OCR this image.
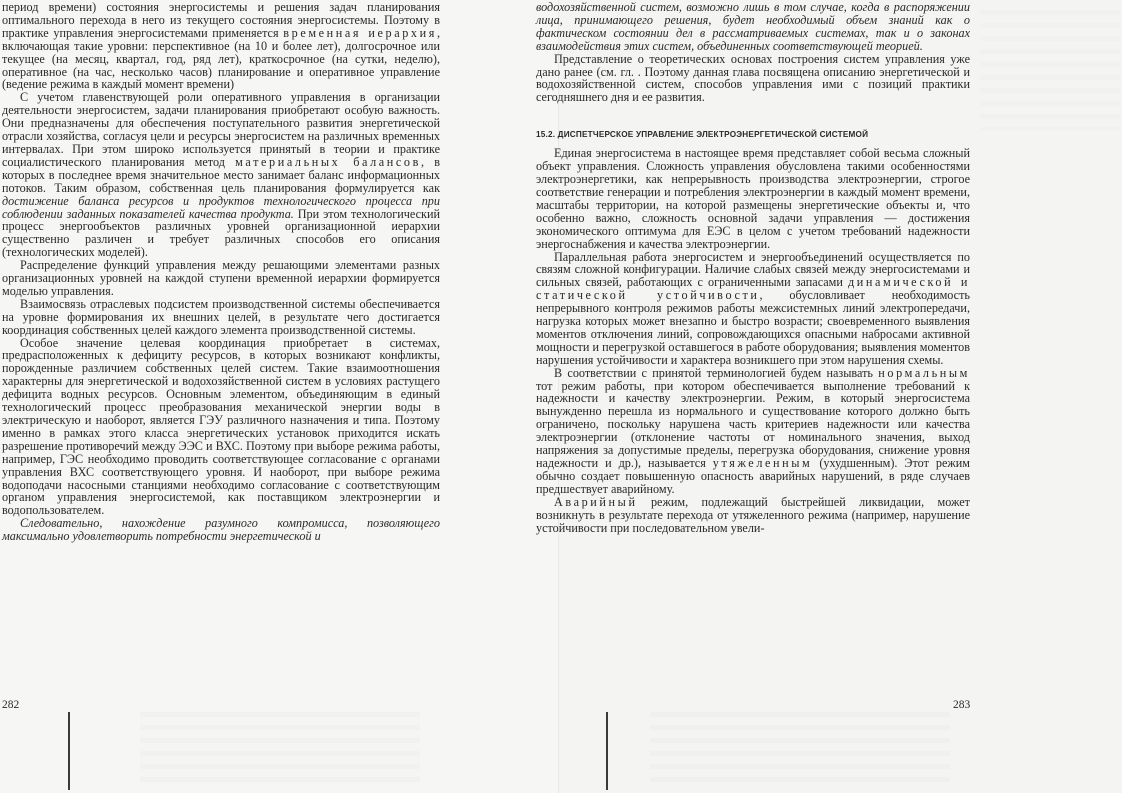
период времени) состояния энергосистемы и решения задач планирования оптимального перехода в него из текущего состояния энергосистемы. Поэтому в практике управления энергосистемами применяется временная иерархия, включающая такие уровни: перспективное (на 10 и более лет), долгосрочное или текущее (на месяц, квартал, год, ряд лет), краткосрочное (на сутки, неделю), оперативное (на час, несколько часов) планирование и оперативное управление (ведение режима в каждый момент времени)

С учетом главенствующей роли оперативного управления в организации деятельности энергосистем, задачи планирования приобретают особую важность. Они предназначены для обеспечения поступательного развития энергетической отрасли хозяйства, согласуя цели и ресурсы энергосистем на различных временных интервалах. При этом широко используется принятый в теории и практике социалистического планирования метод материальных балансов, в которых в последнее время значительное место занимает баланс информационных потоков. Таким образом, собственная цель планирования формулируется как достижение баланса ресурсов и продуктов технологического процесса при соблюдении заданных показателей качества продукта. При этом технологический процесс энергообъектов различных уровней организационной иерархии существенно различен и требует различных способов его описания (технологических моделей).

Распределение функций управления между решающими элементами разных организационных уровней на каждой ступени временной иерархии формируется моделью управления.

Взаимосвязь отраслевых подсистем производственной системы обеспечивается на уровне формирования их внешних целей, в результате чего достигается координация собственных целей каждого элемента производственной системы.

Особое значение целевая координация приобретает в системах, предрасположенных к дефициту ресурсов, в которых возникают конфликты, порожденные различием собственных целей систем. Такие взаимоотношения характерны для энергетической и водохозяйственной систем в условиях растущего дефицита водных ресурсов. Основным элементом, объединяющим в единый технологический процесс преобразования механической энергии воды в электрическую и наоборот, является ГЭУ различного назначения и типа. Поэтому именно в рамках этого класса энергетических установок приходится искать разрешение противоречий между ЭЭС и ВХС. Поэтому при выборе режима работы, например, ГЭС необходимо проводить соответствующее согласование с органами управления ВХС соответствующего уровня. И наоборот, при выборе режима водоподачи насосными станциями необходимо согласование с соответствующим органом управления энергосистемой, как поставщиком электроэнергии и водопользователем.

Следовательно, нахождение разумного компромисса, позволяющего максимально удовлетворить потребности энергетической и

282

водохозяйственной систем, возможно лишь в том случае, когда в распоряжении лица, принимающего решения, будет необходимый объем знаний как о фактическом состоянии дел в рассматриваемых системах, так и о законах взаимодействия этих систем, объединенных соответствующей теорией.

Представление о теоретических основах построения систем управления уже дано ранее (см. гл. . Поэтому данная глава посвящена описанию энергетической и водохозяйственной систем, способов управления ими с позиций практики сегодняшнего дня и ее развития.

15.2. ДИСПЕТЧЕРСКОЕ УПРАВЛЕНИЕ ЭЛЕКТРОЭНЕРГЕТИЧЕСКОЙ СИСТЕМОЙ

Единая энергосистема в настоящее время представляет собой весьма сложный объект управления. Сложность управления обусловлена такими особенностями электроэнергетики, как непрерывность производства электроэнергии, строгое соответствие генерации и потребления электроэнергии в каждый момент времени, масштабы территории, на которой размещены энергетические объекты и, что особенно важно, сложность основной задачи управления — достижения экономического оптимума для ЕЭС в целом с учетом требований надежности энергоснабжения и качества электроэнергии.

Параллельная работа энергосистем и энергообъединений осуществляется по связям сложной конфигурации. Наличие слабых связей между энергосистемами и сильных связей, работающих с ограниченными запасами динамической и статической устойчивости, обусловливает необходимость непрерывного контроля режимов работы межсистемных линий электропередачи, нагрузка которых может внезапно и быстро возрасти; своевременного выявления моментов отключения линий, сопровождающихся опасными набросами активной мощности и перегрузкой оставшегося в работе оборудования; выявления моментов нарушения устойчивости и характера возникшего при этом нарушения схемы.

В соответствии с принятой терминологией будем называть нормальным тот режим работы, при котором обеспечивается выполнение требований к надежности и качеству электроэнергии. Режим, в который энергосистема вынужденно перешла из нормального и существование которого должно быть ограничено, поскольку нарушена часть критериев надежности или качества электроэнергии (отклонение частоты от номинального значения, выход напряжения за допустимые пределы, перегрузка оборудования, снижение уровня надежности и др.), называется утяжеленным (ухудшенным). Этот режим обычно создает повышенную опасность аварийных нарушений, в ряде случаев предшествует аварийному.

Аварийный режим, подлежащий быстрейшей ликвидации, может возникнуть в результате перехода от утяжеленного режима (например, нарушение устойчивости при последовательном увели-

283
